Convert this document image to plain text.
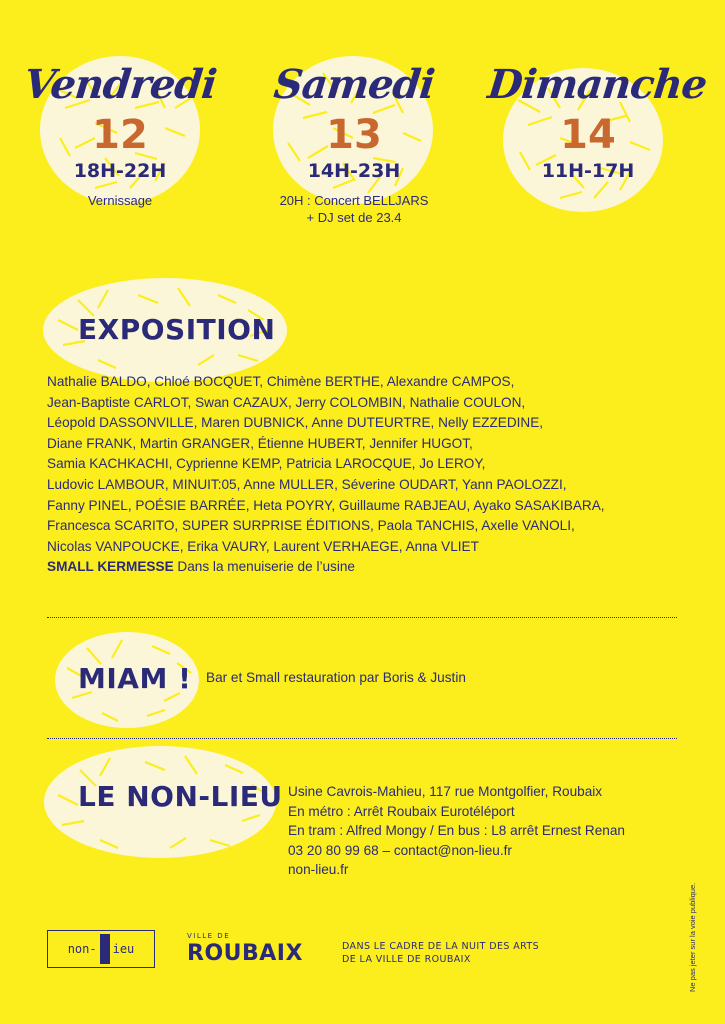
Vendredi
12
18H-22H
Vernissage
Samedi
13
14H-23H
20H : Concert BELLJARS
+ DJ set de 23.4
Dimanche
14
11H-17H
EXPOSITION
Nathalie BALDO, Chloé BOCQUET, Chimène BERTHE, Alexandre CAMPOS,
Jean-Baptiste CARLOT, Swan CAZAUX, Jerry COLOMBIN, Nathalie COULON,
Léopold DASSONVILLE, Maren DUBNICK, Anne DUTEURTRE, Nelly EZZEDINE,
Diane FRANK, Martin GRANGER, Étienne HUBERT, Jennifer HUGOT,
Samia KACHKACHI, Cyprienne KEMP, Patricia LAROCQUE, Jo LEROY,
Ludovic LAMBOUR, MINUIT:05, Anne MULLER, Séverine OUDART, Yann PAOLOZZI,
Fanny PINEL, POÉSIE BARRÉE, Heta POYRY, Guillaume RABJEAU, Ayako SASAKIBARA,
Francesca SCARITO, SUPER SURPRISE ÉDITIONS, Paola TANCHIS, Axelle VANOLI,
Nicolas VANPOUCKE, Erika VAURY, Laurent VERHAEGE, Anna VLIET
SMALL KERMESSE Dans la menuiserie de l’usine
MIAM ! Bar et Small restauration par Boris & Justin
LE NON-LIEU Usine Cavrois-Mahieu, 117 rue Montgolfier, Roubaix
En métro : Arrêt Roubaix Eurotéléport
En tram : Alfred Mongy / En bus : L8 arrêt Ernest Renan
03 20 80 99 68 – contact@non-lieu.fr
non-lieu.fr
non- ieu
VILLE DE
ROUBAIX	DANS LE CADRE DE LA NUIT DES ARTS
DE LA VILLE DE ROUBAIX	Ne pas jeter sur la voie publique.
